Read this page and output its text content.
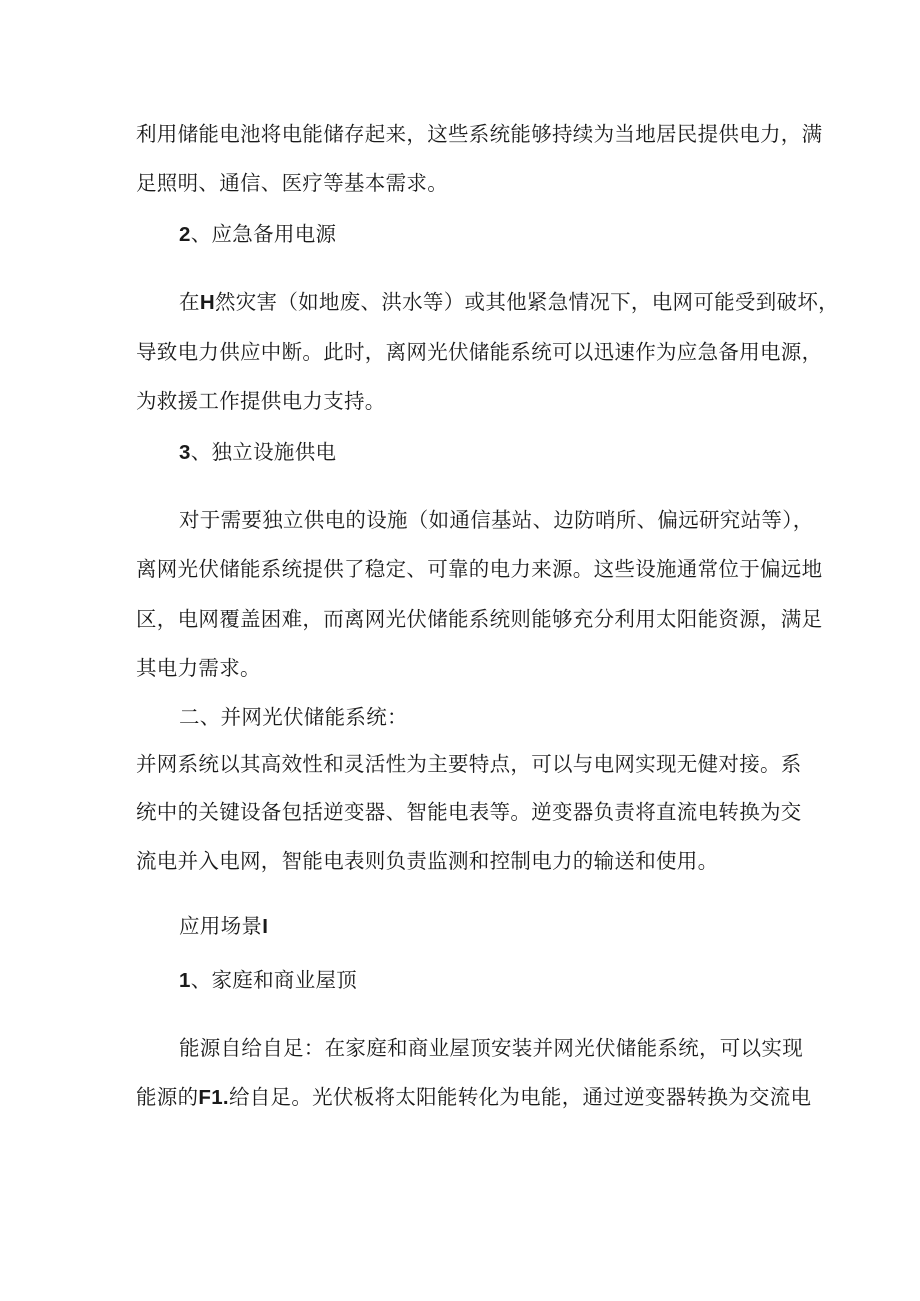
利用储能电池将电能储存起来，这些系统能够持续为当地居民提供电力，满
足照明、通信、医疗等基本需求。
2、应急备用电源
在H然灾害（如地废、洪水等）或其他紧急情况下，电网可能受到破坏，
导致电力供应中断。此时，离网光伏储能系统可以迅速作为应急备用电源，
为救援工作提供电力支持。
3、独立设施供电
对于需要独立供电的设施（如通信基站、边防哨所、偏远研究站等），
离网光伏储能系统提供了稳定、可靠的电力来源。这些设施通常位于偏远地
区，电网覆盖困难，而离网光伏储能系统则能够充分利用太阳能资源，满足
其电力需求。
二、并网光伏储能系统：
并网系统以其高效性和灵活性为主要特点，可以与电网实现无健对接。系
统中的关键设备包括逆变器、智能电表等。逆变器负责将直流电转换为交
流电并入电网，智能电表则负责监测和控制电力的输送和使用。
应用场景I
1、家庭和商业屋顶
能源自给自足：在家庭和商业屋顶安装并网光伏储能系统，可以实现
能源的F1.给自足。光伏板将太阳能转化为电能，通过逆变器转换为交流电
